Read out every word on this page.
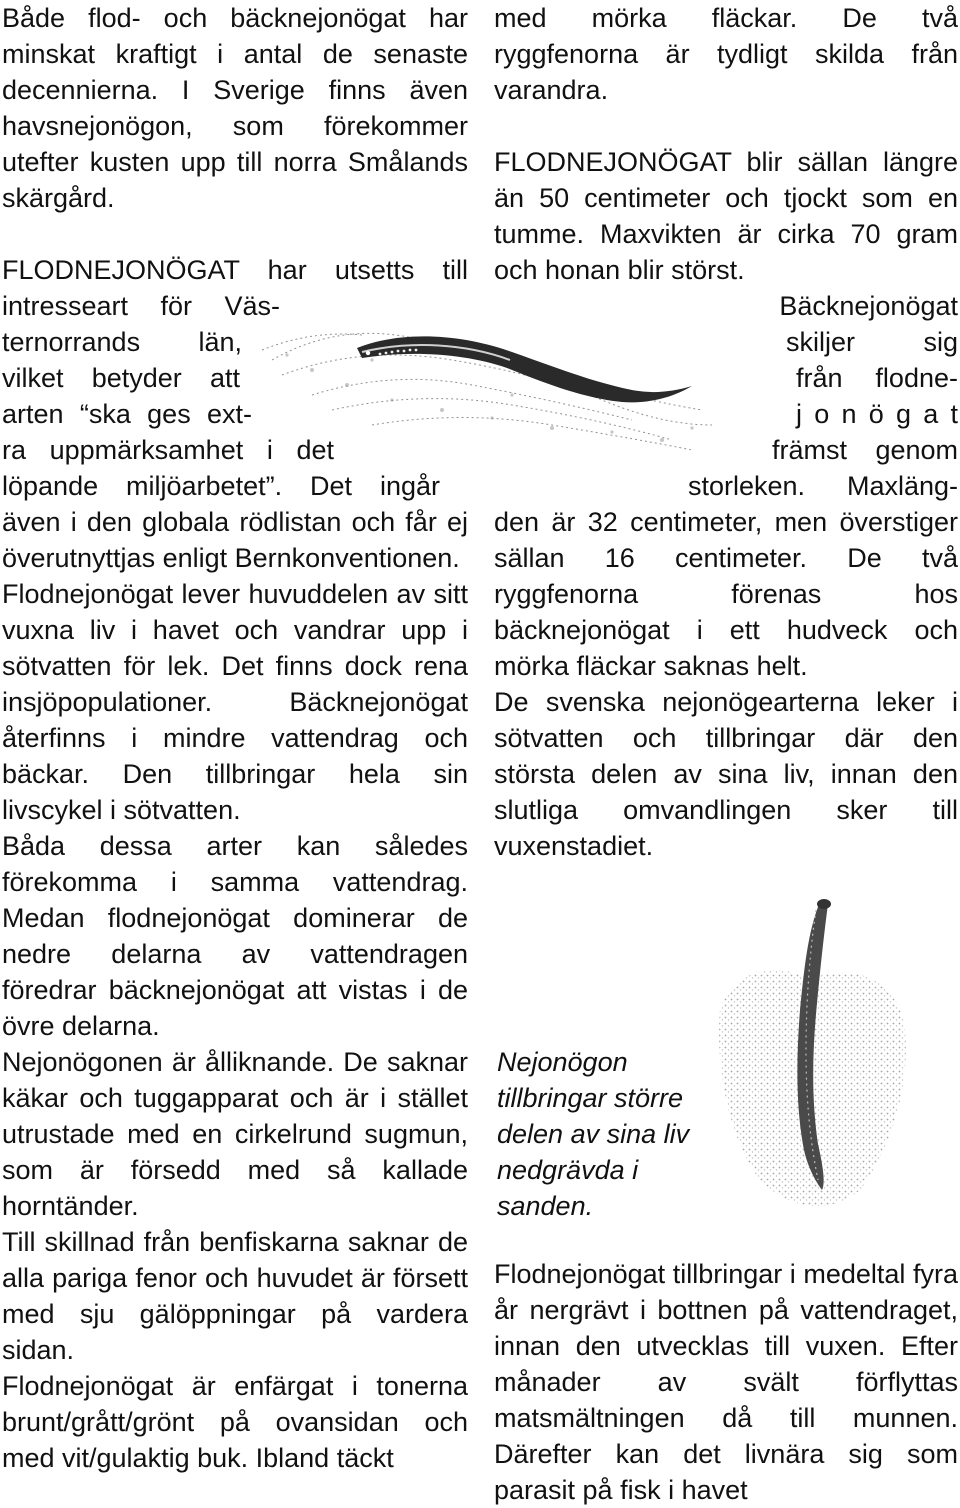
Både flod- och bäcknejonögat har minskat kraftigt i antal de senaste decennierna. I Sverige finns även havsnejonögon, som förekommer utefter kusten upp till norra Smålands skärgård.

FLODNEJONÖGAT har utsetts till
intresseart för Väs-
ternorrands län,
vilket betyder att
arten “ska ges ext-
ra uppmärksamhet i det
löpande miljöarbetet”. Det ingår

även i den globala rödlistan och får ej överutnyttjas enligt Bernkonventionen.

Flodnejonögat lever huvuddelen av sitt vuxna liv i havet och vandrar upp i sötvatten för lek. Det finns dock rena insjöpopulationer. Bäcknejonögat återfinns i mindre vattendrag och bäckar. Den tillbringar hela sin livscykel i sötvatten.

Båda dessa arter kan således förekomma i samma vattendrag. Medan flodnejonögat dominerar de nedre delarna av vattendragen föredrar bäcknejonögat att vistas i de övre delarna.

Nejonögonen är ålliknande. De saknar käkar och tuggapparat och är i stället utrustade med en cirkelrund sugmun, som är försedd med så kallade horntänder.

Till skillnad från benfiskarna saknar de alla pariga fenor och huvudet är försett med sju gälöppningar på vardera sidan.

Flodnejonögat är enfärgat i tonerna brunt/grått/grönt på ovansidan och med vit/gulaktig buk. Ibland täckt

med mörka fläckar. De två ryggfenorna är tydligt skilda från varandra.

FLODNEJONÖGAT blir sällan längre än 50 centimeter och tjockt som en tumme. Maxvikten är cirka 70 gram och honan blir störst.

Bäcknejonögat
skiljer sig
från flodne-
j o n ö g a t
främst genom
storleken. Maxläng-

den är 32 centimeter, men överstiger sällan 16 centimeter. De två ryggfenorna förenas hos bäcknejonögat i ett hudveck och mörka fläckar saknas helt.

De svenska nejonögearterna leker i sötvatten och tillbringar där den största delen av sina liv, innan den slutliga omvandlingen sker till vuxenstadiet.

Nejonögon tillbringar större delen av sina liv nedgrävda i sanden.

Flodnejonögat tillbringar i medeltal fyra år nergrävt i bottnen på vattendraget, innan den utvecklas till vuxen. Efter månader av svält förflyttas matsmältningen då till munnen. Därefter kan det livnära sig som parasit på fisk i havet
